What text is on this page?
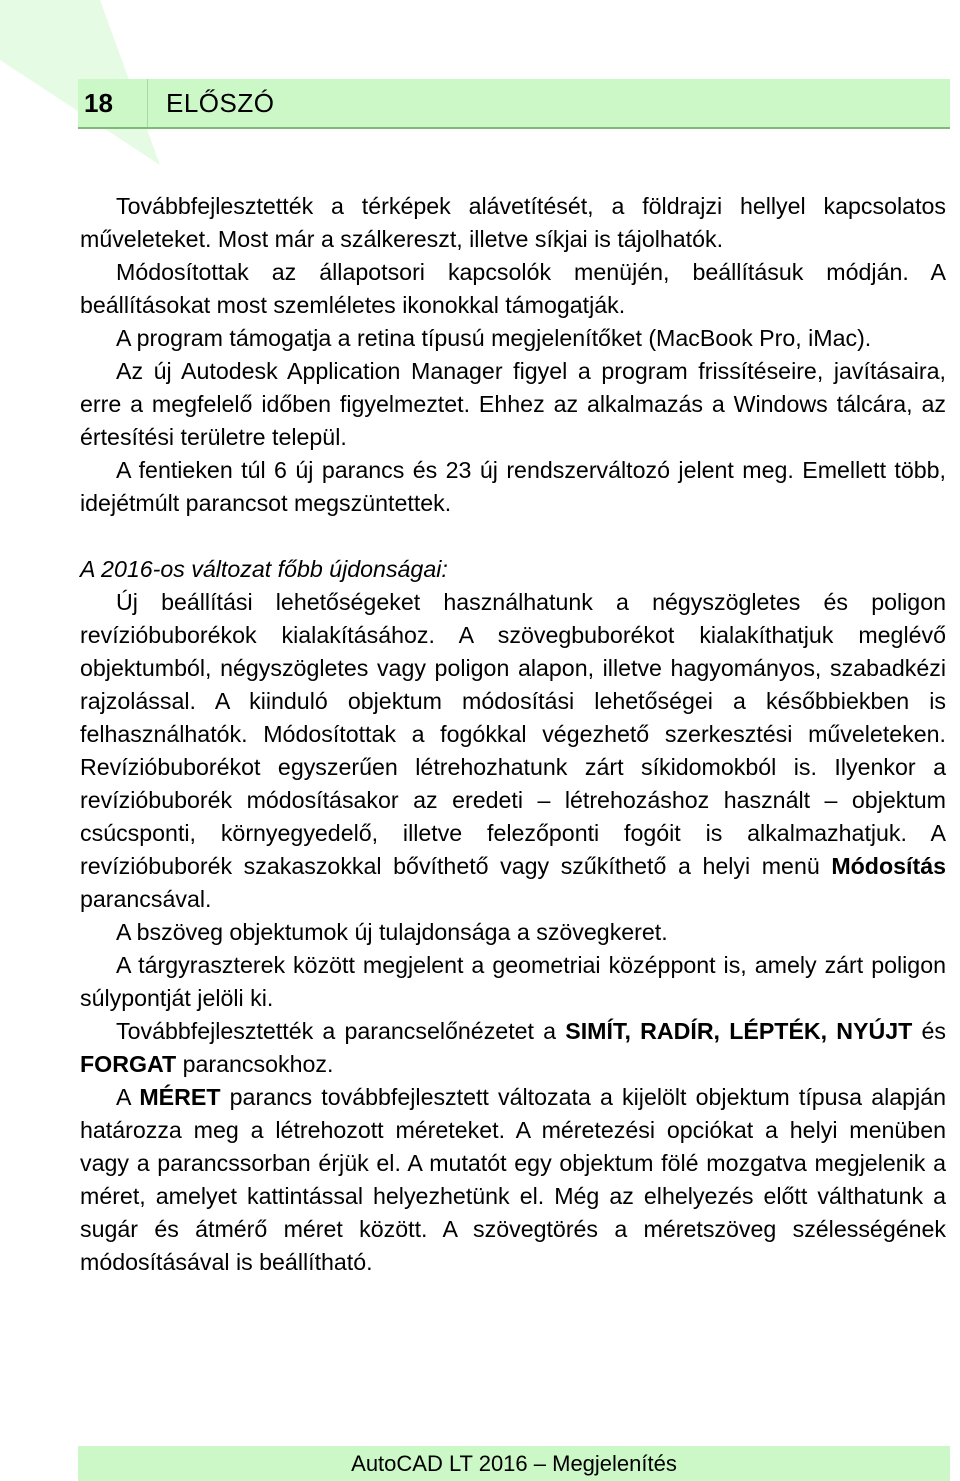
18	ELŐSZÓ

Továbbfejlesztették a térképek alávetítését, a földrajzi hellyel kapcsolatos műveleteket. Most már a szálkereszt, illetve síkjai is tájolhatók.

Módosítottak az állapotsori kapcsolók menüjén, beállításuk módján. A beállításokat most szemléletes ikonokkal támogatják.

A program támogatja a retina típusú megjelenítőket (MacBook Pro, iMac).

Az új Autodesk Application Manager figyel a program frissítéseire, javításaira, erre a megfelelő időben figyelmeztet. Ehhez az alkalmazás a Windows tálcára, az értesítési területre települ.

A fentieken túl 6 új parancs és 23 új rendszerváltozó jelent meg. Emellett több, idejétmúlt parancsot megszüntettek.

A 2016-os változat főbb újdonságai:

Új beállítási lehetőségeket használhatunk a négyszögletes és poligon revízióbuborékok kialakításához. A szövegbuborékot kialakíthatjuk meglévő objektumból, négyszögletes vagy poligon alapon, illetve hagyományos, szabadkézi rajzolással. A kiinduló objektum módosítási lehetőségei a későbbiekben is felhasználhatók. Módosítottak a fogókkal végezhető szerkesztési műveleteken. Revízióbuborékot egyszerűen létrehozhatunk zárt síkidomokból is. Ilyenkor a revízióbuborék módosításakor az eredeti – létrehozáshoz használt – objektum csúcsponti, környegyedelő, illetve felezőponti fogóit is alkalmazhatjuk. A revízióbuborék szakaszokkal bővíthető vagy szűkíthető a helyi menü Módosítás parancsával.

A bszöveg objektumok új tulajdonsága a szövegkeret.

A tárgyraszterek között megjelent a geometriai középpont is, amely zárt poligon súlypontját jelöli ki.

Továbbfejlesztették a parancselőnézetet a SIMÍT, RADÍR, LÉPTÉK, NYÚJT és FORGAT parancsokhoz.

A MÉRET parancs továbbfejlesztett változata a kijelölt objektum típusa alapján határozza meg a létrehozott méreteket. A méretezési opciókat a helyi menüben vagy a parancssorban érjük el. A mutatót egy objektum fölé mozgatva megjelenik a méret, amelyet kattintással helyezhetünk el. Még az elhelyezés előtt válthatunk a sugár és átmérő méret között. A szövegtörés a méretszöveg szélességének módosításával is beállítható.

AutoCAD LT 2016 – Megjelenítés
